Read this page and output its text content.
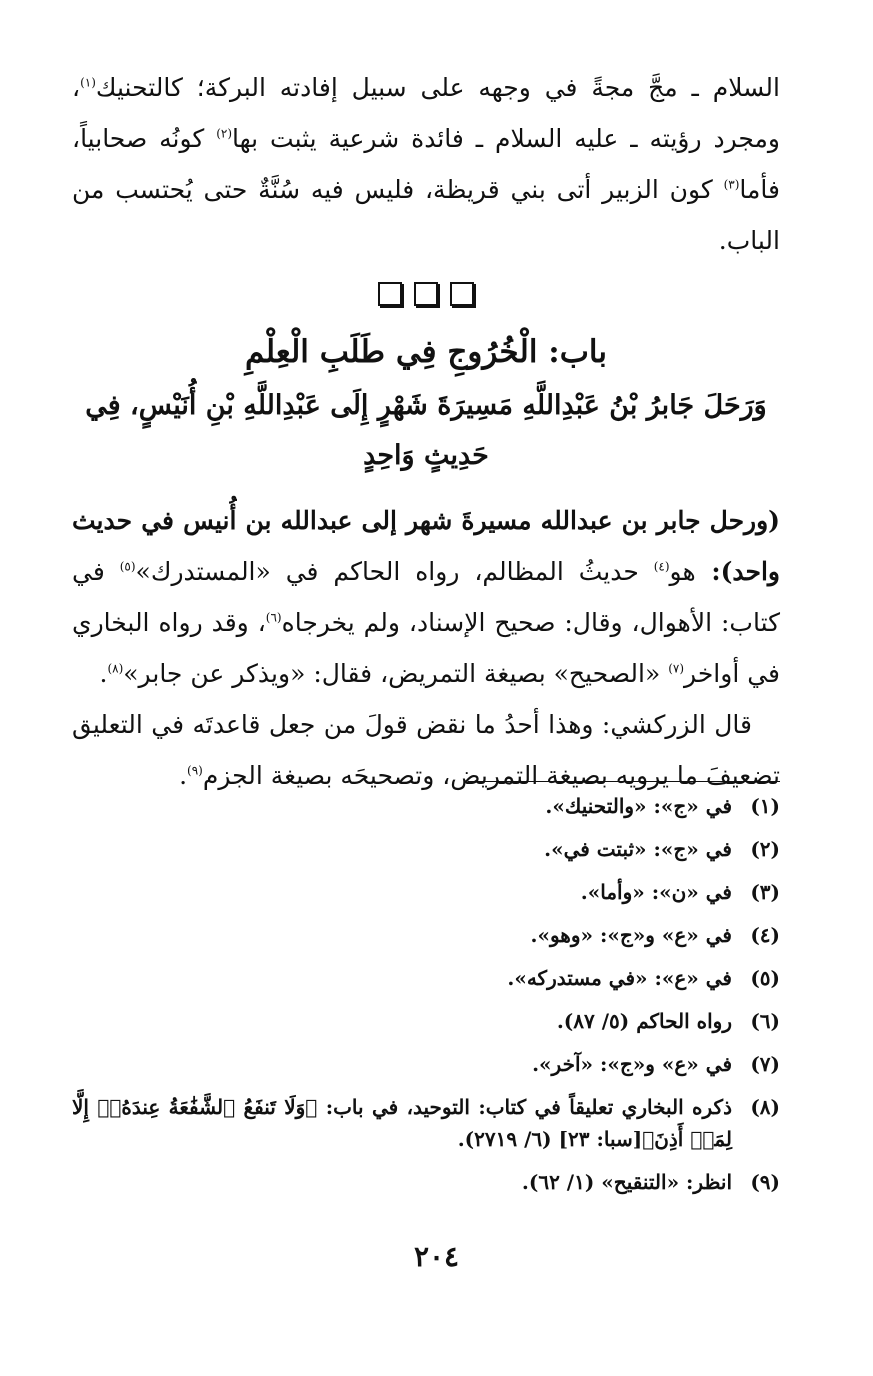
السلام ـ مجَّ مجةً في وجهه على سبيل إفادته البركة؛ كالتحنيك$^{(١)}$، ومجرد رؤيته ـ عليه السلام ـ فائدة شرعية يثبت بها$^{(٢)}$ كونُه صحابياً، فأما$^{(٣)}$ كون الزبير أتى بني قريظة، فليس فيه سُنَّةٌ حتى يُحتسب من الباب.

باب: الْخُرُوجِ فِي طَلَبِ الْعِلْمِ
وَرَحَلَ جَابرُ بْنُ عَبْدِاللَّهِ مَسِيرَةَ شَهْرٍ إِلَى عَبْدِاللَّهِ بْنِ أُنَيْسٍ، فِي حَدِيثٍ وَاحِدٍ

(ورحل جابر بن عبدالله مسيرةَ شهر إلى عبدالله بن أُنيس في حديث واحد): هو$^{(٤)}$ حديثُ المظالم، رواه الحاكم في «المستدرك»$^{(٥)}$ في كتاب: الأهوال، وقال: صحيح الإسناد، ولم يخرجاه$^{(٦)}$، وقد رواه البخاري في أواخر$^{(٧)}$ «الصحيح» بصيغة التمريض، فقال: «ويذكر عن جابر»$^{(٨)}$.

قال الزركشي: وهذا أحدُ ما نقض قولَ من جعل قاعدتَه في التعليق تضعيفَ ما يرويه بصيغة التمريض، وتصحيحَه بصيغة الجزم$^{(٩)}$.

(١)
في «ج»: «والتحنيك».
(٢)
في «ج»: «ثبتت في».
(٣)
في «ن»: «وأما».
(٤)
في «ع» و«ج»: «وهو».
(٥)
في «ع»: «في مستدركه».
(٦)
رواه الحاكم (٥/ ٨٧).
(٧)
في «ع» و«ج»: «آخر».
(٨)
ذكره البخاري تعليقاً في كتاب: التوحيد، في باب: ﴿وَلَا تَنفَعُ ٱلشَّفَٰعَةُ عِندَهُۥٓ إِلَّا لِمَنۡ أَذِنَ﴾[سبا: ٢٣] (٦/ ٢٧١٩).
(٩)
انظر: «التنقيح» (١/ ٦٢).
٢٠٤
